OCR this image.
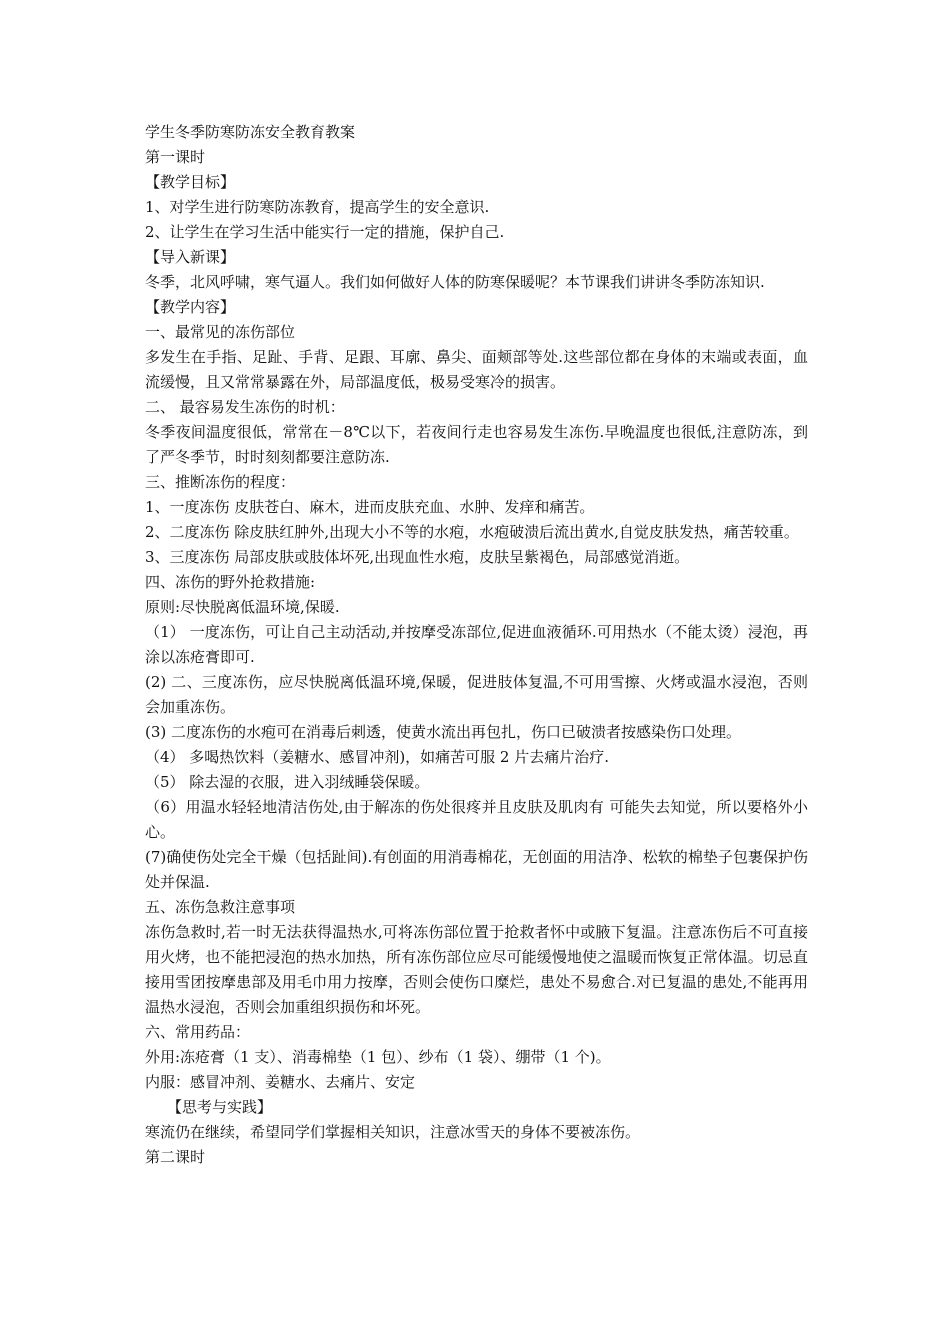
学生冬季防寒防冻安全教育教案

第一课时

【教学目标】

1、对学生进行防寒防冻教育，提高学生的安全意识.

2、让学生在学习生活中能实行一定的措施，保护自己.

【导入新课】

冬季，北风呼啸，寒气逼人。我们如何做好人体的防寒保暖呢？本节课我们讲讲冬季防冻知识.

【教学内容】

一、最常见的冻伤部位

多发生在手指、足趾、手背、足跟、耳廓、鼻尖、面颊部等处.这些部位都在身体的末端或表面，血流缓慢，且又常常暴露在外，局部温度低，极易受寒冷的损害。

二、 最容易发生冻伤的时机：

冬季夜间温度很低，常常在－8℃以下，若夜间行走也容易发生冻伤.早晚温度也很低,注意防冻，到了严冬季节，时时刻刻都要注意防冻.

三、推断冻伤的程度：

1、一度冻伤 皮肤苍白、麻木，进而皮肤充血、水肿、发痒和痛苦。

2、二度冻伤 除皮肤红肿外,出现大小不等的水疱，水疱破溃后流出黄水,自觉皮肤发热，痛苦较重。

3、三度冻伤 局部皮肤或肢体坏死,出现血性水疱，皮肤呈紫褐色，局部感觉消逝。

四、冻伤的野外抢救措施:

原则:尽快脱离低温环境,保暖.

（1） 一度冻伤，可让自己主动活动,并按摩受冻部位,促进血液循环.可用热水（不能太烫）浸泡，再涂以冻疮膏即可.

(2) 二、三度冻伤，应尽快脱离低温环境,保暖，促进肢体复温,不可用雪擦、火烤或温水浸泡，否则会加重冻伤。

(3) 二度冻伤的水疱可在消毒后刺透，使黄水流出再包扎，伤口已破溃者按感染伤口处理。

（4） 多喝热饮料（姜糖水、感冒冲剂)，如痛苦可服 2 片去痛片治疗.

（5） 除去湿的衣服，进入羽绒睡袋保暖。

（6）用温水轻轻地清洁伤处,由于解冻的伤处很疼并且皮肤及肌肉有 可能失去知觉，所以要格外小心。

(7)确使伤处完全干燥（包括趾间).有创面的用消毒棉花，无创面的用洁净、松软的棉垫子包裹保护伤处并保温.

五、冻伤急救注意事项

冻伤急救时,若一时无法获得温热水,可将冻伤部位置于抢救者怀中或腋下复温。注意冻伤后不可直接用火烤，也不能把浸泡的热水加热，所有冻伤部位应尽可能缓慢地使之温暖而恢复正常体温。切忌直接用雪团按摩患部及用毛巾用力按摩，否则会使伤口糜烂，患处不易愈合.对已复温的患处,不能再用温热水浸泡，否则会加重组织损伤和坏死。

六、常用药品：

外用:冻疮膏（1 支）、消毒棉垫（1 包）、纱布（1 袋）、绷带（1 个)。

内服：感冒冲剂、姜糖水、去痛片、安定

【思考与实践】

寒流仍在继续，希望同学们掌握相关知识，注意冰雪天的身体不要被冻伤。

第二课时
